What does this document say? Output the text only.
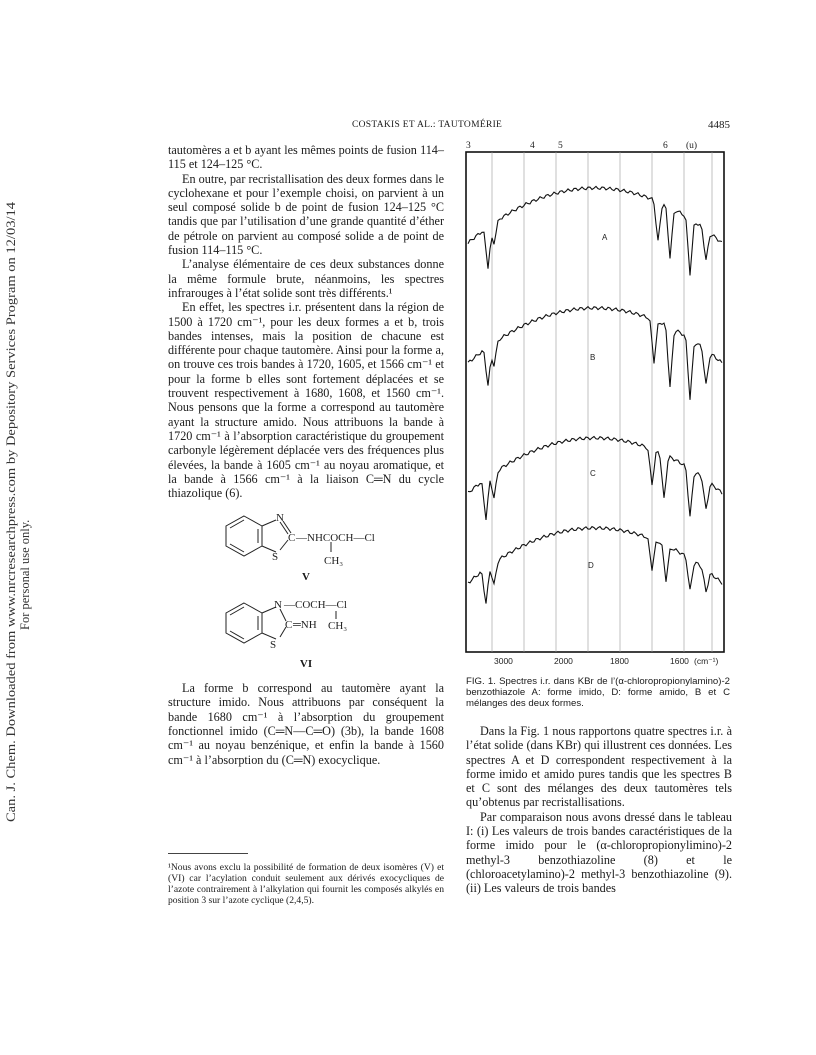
Can. J. Chem. Downloaded from www.nrcresearchpress.com by Depository Services Program on 12/03/14 For personal use only.
COSTAKIS ET AL.: TAUTOMÉRIE	4485

tautomères a et b ayant les mêmes points de fusion 114–115 et 124–125 °C.

En outre, par recristallisation des deux formes dans le cyclohexane et pour l’exemple choisi, on parvient à un seul composé solide b de point de fusion 124–125 °C tandis que par l’utilisation d’une grande quantité d’éther de pétrole on parvient au composé solide a de point de fusion 114–115 °C.

L’analyse élémentaire de ces deux substances donne la même formule brute, néanmoins, les spectres infrarouges à l’état solide sont très différents.¹

En effet, les spectres i.r. présentent dans la région de 1500 à 1720 cm⁻¹, pour les deux formes a et b, trois bandes intenses, mais la position de chacune est différente pour chaque tautomère. Ainsi pour la forme a, on trouve ces trois bandes à 1720, 1605, et 1566 cm⁻¹ et pour la forme b elles sont fortement déplacées et se trouvent respectivement à 1680, 1608, et 1560 cm⁻¹. Nous pensons que la forme a correspond au tautomère ayant la structure amido. Nous attribuons la bande à 1720 cm⁻¹ à l’absorption caractéristique du groupement carbonyle légèrement déplacée vers des fréquences plus élevées, la bande à 1605 cm⁻¹ au noyau aromatique, et la bande à 1566 cm⁻¹ à la liaison C═N du cycle thiazolique (6).

N
S
C —NHCOCH—Cl
CH₃
V
N
S
C
—COCH—Cl
═NH CH₃
VI

La forme b correspond au tautomère ayant la structure imido. Nous attribuons par conséquent la bande 1680 cm⁻¹ à l’absorption du groupement fonctionnel imido (C═N—C═O) (3b), la bande 1608 cm⁻¹ au noyau benzénique, et enfin la bande à 1560 cm⁻¹ à l’absorption du (C═N) exocyclique.

¹Nous avons exclu la possibilité de formation de deux isomères (V) et (VI) car l’acylation conduit seulement aux dérivés exocycliques de l’azote contrairement à l’alkylation qui fournit les composés alkylés en position 3 sur l’azote cyclique (2,4,5).
A
B
C
D
3	4 5	6 (u)
3000	2000	1800	1600 (cm⁻¹)
FIG. 1. Spectres i.r. dans KBr de l’(α-chloropropionylamino)-2 benzothiazole A: forme imido, D: forme amido, B et C mélanges des deux formes.

Dans la Fig. 1 nous rapportons quatre spectres i.r. à l’état solide (dans KBr) qui illustrent ces données. Les spectres A et D correspondent respectivement à la forme imido et amido pures tandis que les spectres B et C sont des mélanges des deux tautomères tels qu’obtenus par recristallisations.

Par comparaison nous avons dressé dans le tableau I: (i) Les valeurs de trois bandes caractéristiques de la forme imido pour le (α-chloropropionylimino)-2 methyl-3 benzothiazoline (8) et le (chloroacetylamino)-2 methyl-3 benzothiazoline (9). (ii) Les valeurs de trois bandes
